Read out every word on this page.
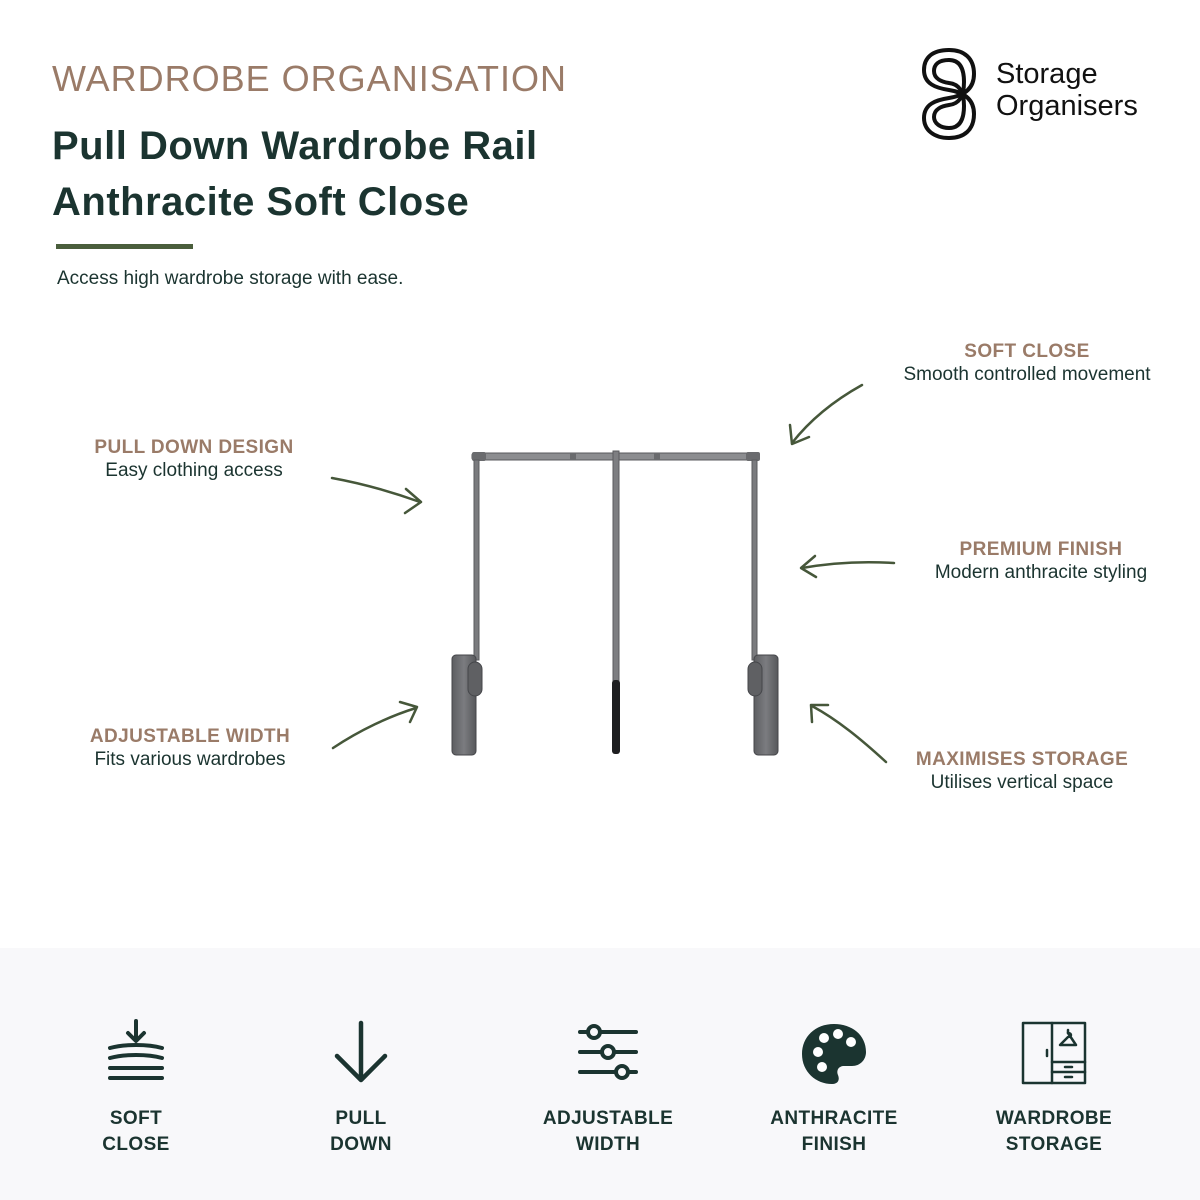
WARDROBE ORGANISATION
Pull Down Wardrobe Rail
Anthracite Soft Close
Access high wardrobe storage with ease.
Storage
Organisers
SOFT CLOSE
Smooth controlled movement
PULL DOWN DESIGN
Easy clothing access
PREMIUM FINISH
Modern anthracite styling
ADJUSTABLE WIDTH
Fits various wardrobes	MAXIMISES STORAGE
Utilises vertical space
SOFT
CLOSE
PULL
DOWN
ADJUSTABLE
WIDTH
ANTHRACITE
FINISH
WARDROBE
STORAGE
